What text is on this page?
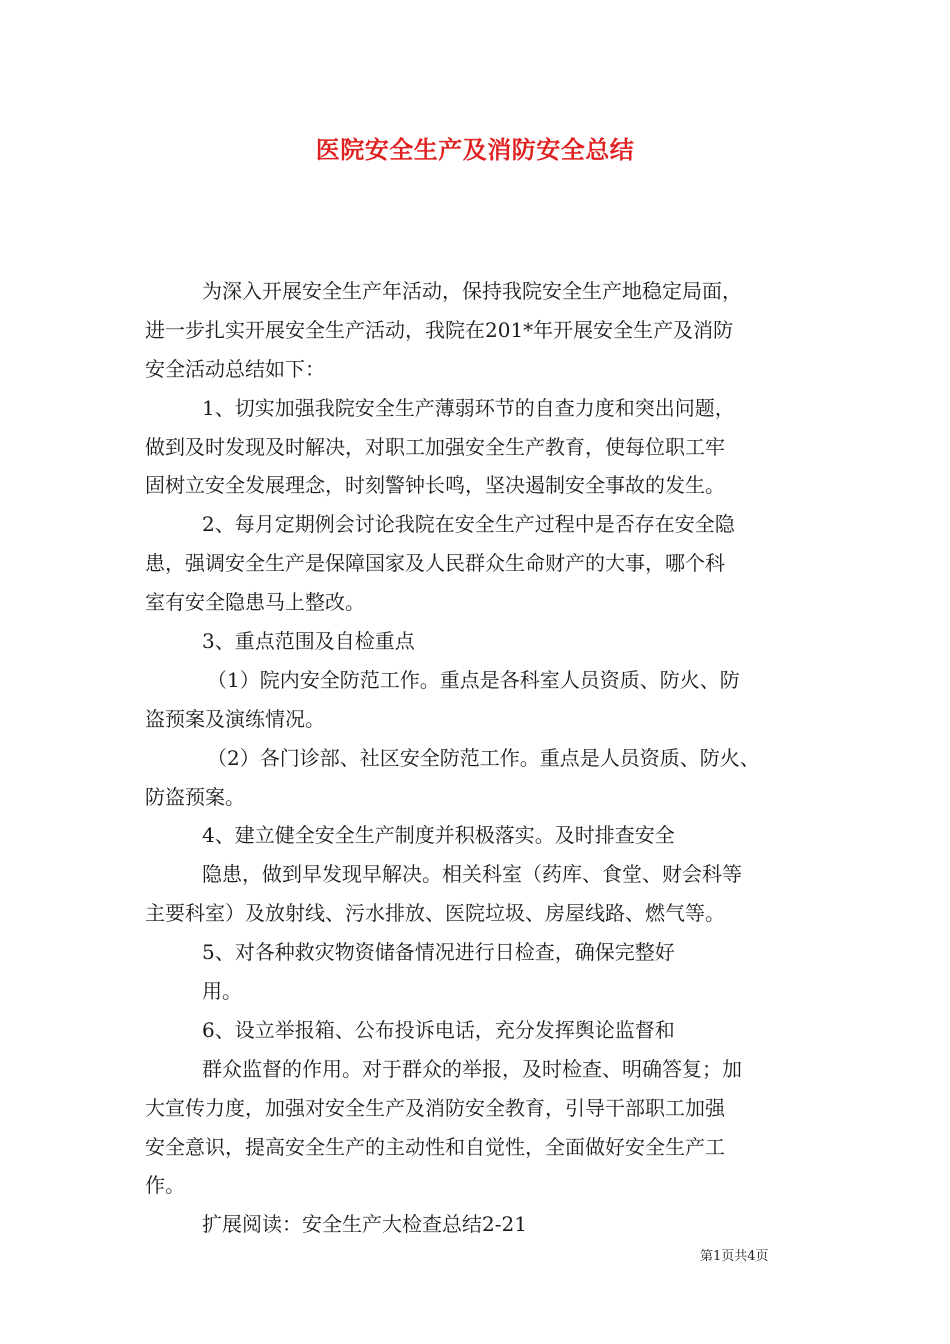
医院安全生产及消防安全总结
为深入开展安全生产年活动，保持我院安全生产地稳定局面，
进一步扎实开展安全生产活动，我院在201*年开展安全生产及消防
安全活动总结如下：
1、切实加强我院安全生产薄弱环节的自查力度和突出问题，
做到及时发现及时解决，对职工加强安全生产教育，使每位职工牢
固树立安全发展理念，时刻警钟长鸣，坚决遏制安全事故的发生。
2、每月定期例会讨论我院在安全生产过程中是否存在安全隐
患，强调安全生产是保障国家及人民群众生命财产的大事，哪个科
室有安全隐患马上整改。
3、重点范围及自检重点
（1）院内安全防范工作。重点是各科室人员资质、防火、防
盗预案及演练情况。
（2）各门诊部、社区安全防范工作。重点是人员资质、防火、
防盗预案。
4、建立健全安全生产制度并积极落实。及时排查安全
隐患，做到早发现早解决。相关科室（药库、食堂、财会科等
主要科室）及放射线、污水排放、医院垃圾、房屋线路、燃气等。
5、对各种救灾物资储备情况进行日检查，确保完整好
用。
6、设立举报箱、公布投诉电话，充分发挥舆论监督和
群众监督的作用。对于群众的举报，及时检查、明确答复；加
大宣传力度，加强对安全生产及消防安全教育，引导干部职工加强
安全意识，提高安全生产的主动性和自觉性，全面做好安全生产工
作。
扩展阅读：安全生产大检查总结2-21
第1页共4页
